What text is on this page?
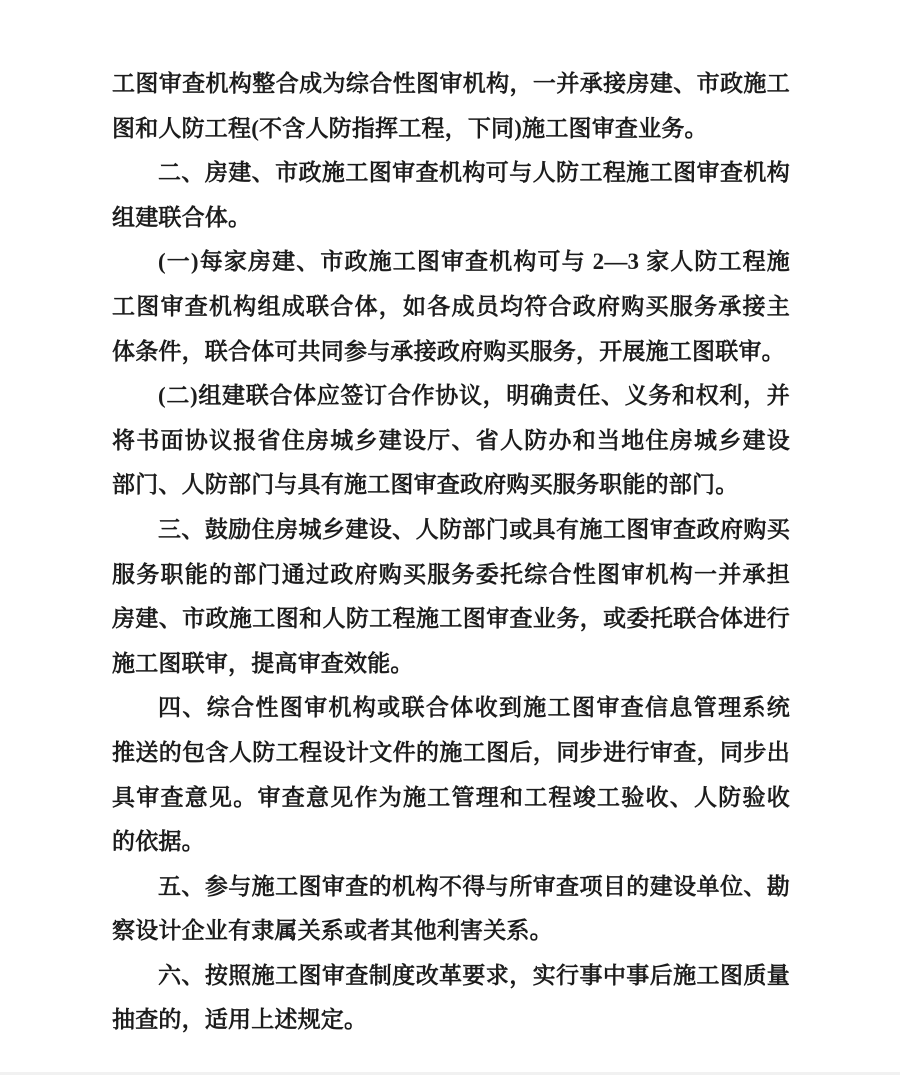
工图审查机构整合成为综合性图审机构，一并承接房建、市政施工
图和人防工程(不含人防指挥工程，下同)施工图审查业务。
二、房建、市政施工图审查机构可与人防工程施工图审查机构
组建联合体。
(一)每家房建、市政施工图审查机构可与 2—3 家人防工程施
工图审查机构组成联合体，如各成员均符合政府购买服务承接主
体条件，联合体可共同参与承接政府购买服务，开展施工图联审。
(二)组建联合体应签订合作协议，明确责任、义务和权利，并
将书面协议报省住房城乡建设厅、省人防办和当地住房城乡建设
部门、人防部门与具有施工图审查政府购买服务职能的部门。
三、鼓励住房城乡建设、人防部门或具有施工图审查政府购买
服务职能的部门通过政府购买服务委托综合性图审机构一并承担
房建、市政施工图和人防工程施工图审查业务，或委托联合体进行
施工图联审，提高审查效能。
四、综合性图审机构或联合体收到施工图审查信息管理系统
推送的包含人防工程设计文件的施工图后，同步进行审查，同步出
具审查意见。审查意见作为施工管理和工程竣工验收、人防验收
的依据。
五、参与施工图审查的机构不得与所审查项目的建设单位、勘
察设计企业有隶属关系或者其他利害关系。
六、按照施工图审查制度改革要求，实行事中事后施工图质量
抽查的，适用上述规定。
